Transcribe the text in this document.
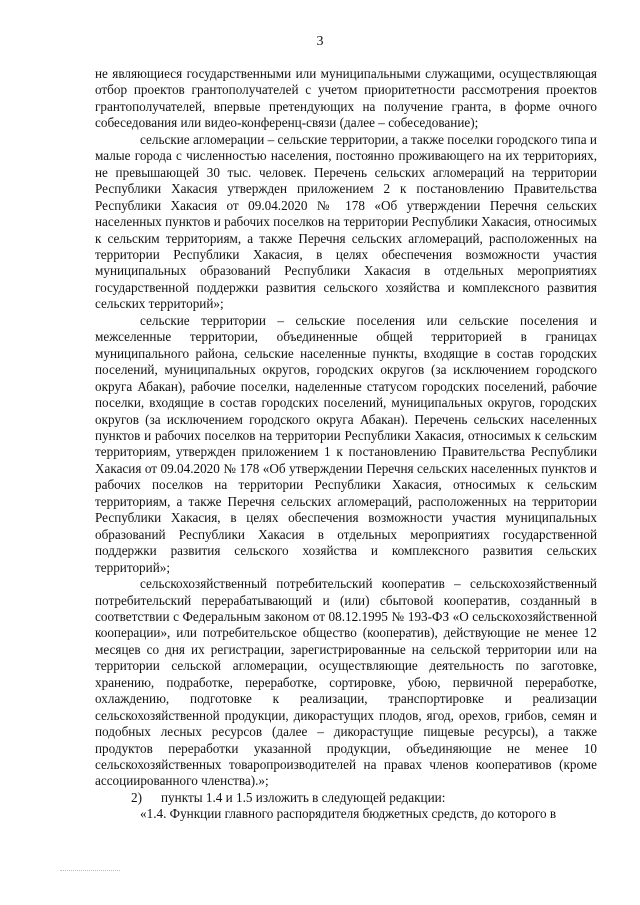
3

не являющиеся государственными или муниципальными служащими, осуществляющая отбор проектов грантополучателей с учетом приоритетности рассмотрения проектов грантополучателей, впервые претендующих на получение гранта, в форме очного собеседования или видео-конференц-связи (далее – собеседование);

сельские агломерации – сельские территории, а также поселки городского типа и малые города с численностью населения, постоянно проживающего на их территориях, не превышающей 30 тыс. человек. Перечень сельских агломераций на территории Республики Хакасия утвержден приложением 2 к постановлению Правительства Республики Хакасия от 09.04.2020 № 178 «Об утверждении Перечня сельских населенных пунктов и рабочих поселков на территории Республики Хакасия, относимых к сельским территориям, а также Перечня сельских агломераций, расположенных на территории Республики Хакасия, в целях обеспечения возможности участия муниципальных образований Республики Хакасия в отдельных мероприятиях государственной поддержки развития сельского хозяйства и комплексного развития сельских территорий»;

сельские территории – сельские поселения или сельские поселения и межселенные территории, объединенные общей территорией в границах муниципального района, сельские населенные пункты, входящие в состав городских поселений, муниципальных округов, городских округов (за исключением городского округа Абакан), рабочие поселки, наделенные статусом городских поселений, рабочие поселки, входящие в состав городских поселений, муниципальных округов, городских округов (за исключением городского округа Абакан). Перечень сельских населенных пунктов и рабочих поселков на территории Республики Хакасия, относимых к сельским территориям, утвержден приложением 1 к постановлению Правительства Республики Хакасия от 09.04.2020 № 178 «Об утверждении Перечня сельских населенных пунктов и рабочих поселков на территории Республики Хакасия, относимых к сельским территориям, а также Перечня сельских агломераций, расположенных на территории Республики Хакасия, в целях обеспечения возможности участия муниципальных образований Республики Хакасия в отдельных мероприятиях государственной поддержки развития сельского хозяйства и комплексного развития сельских территорий»;

сельскохозяйственный потребительский кооператив – сельскохозяйственный потребительский перерабатывающий и (или) сбытовой кооператив, созданный в соответствии с Федеральным законом от 08.12.1995 № 193-ФЗ «О сельскохозяйственной кооперации», или потребительское общество (кооператив), действующие не менее 12 месяцев со дня их регистрации, зарегистрированные на сельской территории или на территории сельской агломерации, осуществляющие деятельность по заготовке, хранению, подработке, переработке, сортировке, убою, первичной переработке, охлаждению, подготовке к реализации, транспортировке и реализации сельскохозяйственной продукции, дикорастущих плодов, ягод, орехов, грибов, семян и подобных лесных ресурсов (далее – дикорастущие пищевые ресурсы), а также продуктов переработки указанной продукции, объединяющие не менее 10 сельскохозяйственных товаропроизводителей на правах членов кооперативов (кроме ассоциированного членства).»;

2)	пункты 1.4 и 1.5 изложить в следующей редакции:

«1.4. Функции главного распорядителя бюджетных средств, до которого в
